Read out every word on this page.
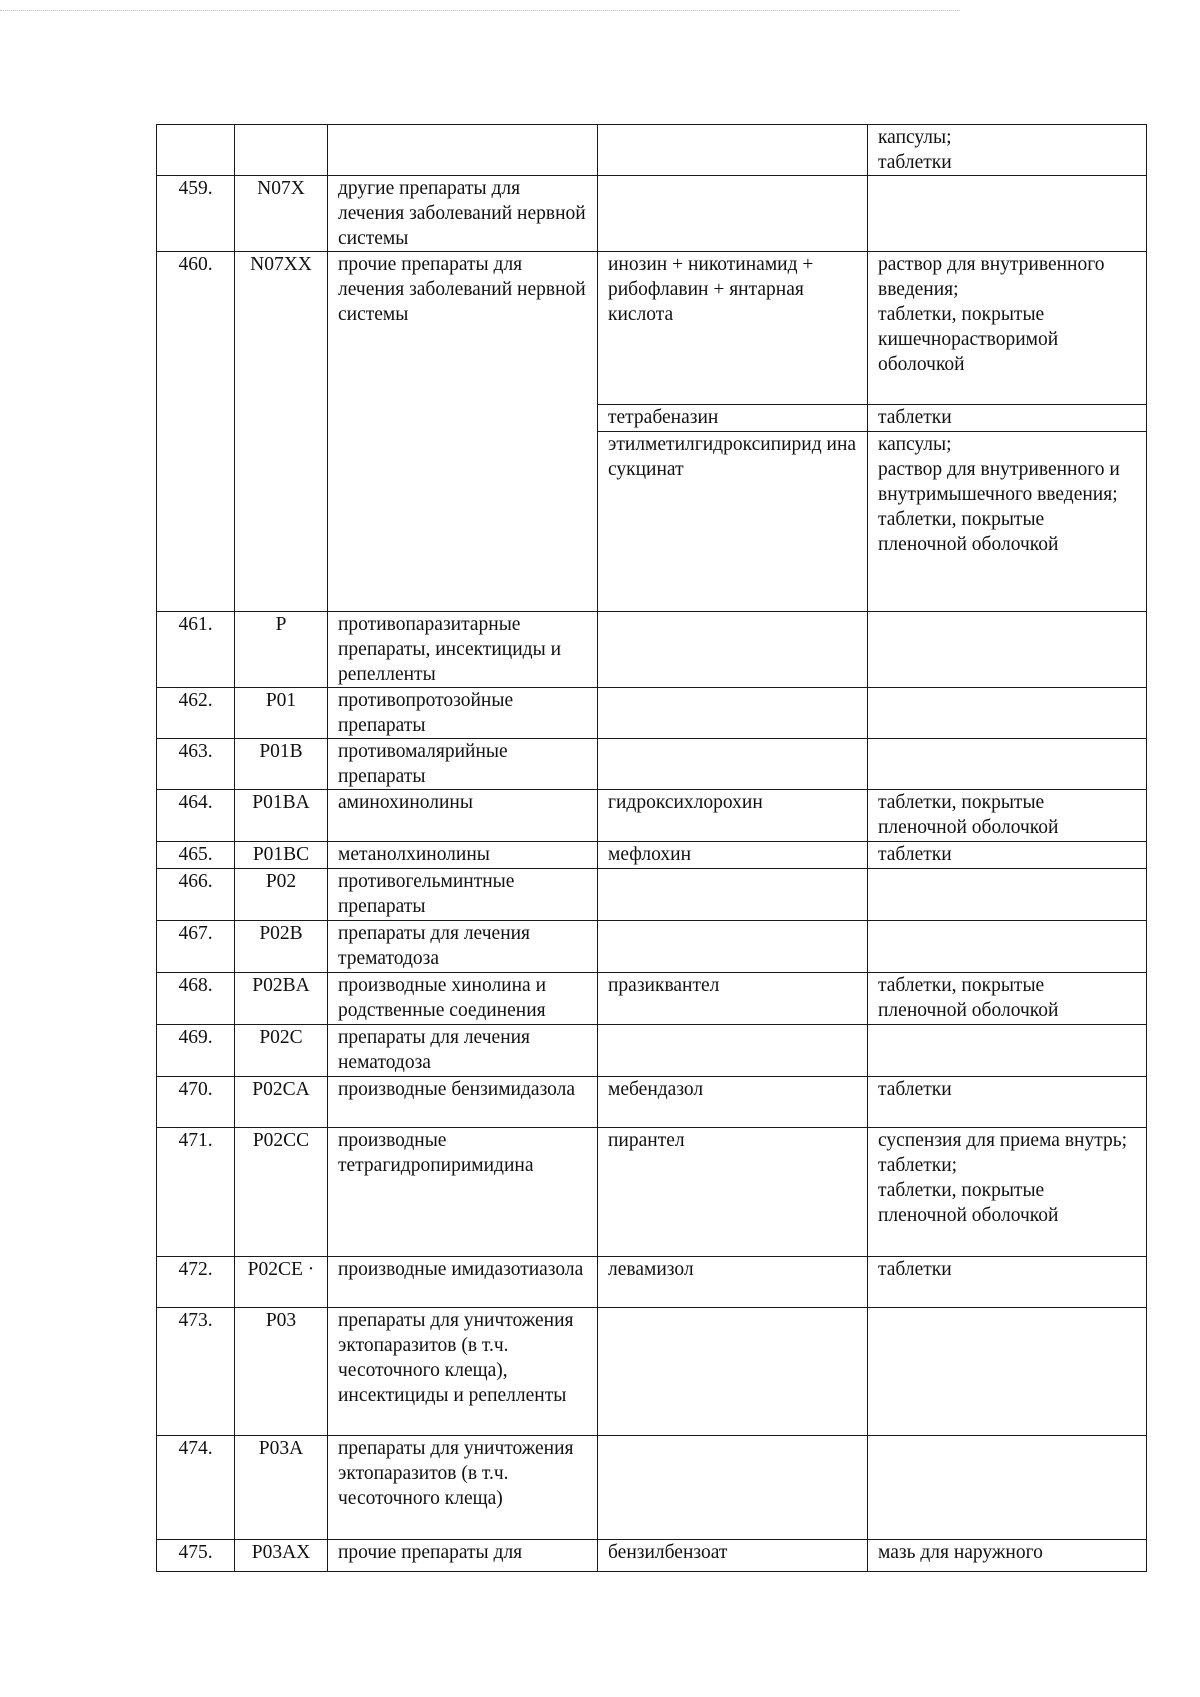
				капсулы;
таблетки
459.	N07X	другие препараты для лечения заболеваний нервной системы		
460.	N07XX	прочие препараты для лечения заболеваний нервной системы	инозин + никотинамид + рибофлавин + янтарная кислота	раствор для внутривенного введения;
таблетки, покрытые кишечнорастворимой оболочкой
			тетрабеназин	таблетки
			этилметилгидроксипирид ина сукцинат	капсулы;
раствор для внутривенного и внутримышечного введения;
таблетки, покрытые пленочной оболочкой
461.	P	противопаразитарные препараты, инсектициды и репелленты		
462.	P01	противопротозойные препараты		
463.	P01B	противомалярийные препараты		
464.	P01BA	аминохинолины	гидроксихлорохин	таблетки, покрытые пленочной оболочкой
465.	P01BC	метанолхинолины	мефлохин	таблетки
466.	P02	противогельминтные препараты		
467.	P02B	препараты для лечения трематодоза		
468.	P02BA	производные хинолина и родственные соединения	празиквантел	таблетки, покрытые пленочной оболочкой
469.	P02C	препараты для лечения нематодоза		
470.	P02CA	производные бензимидазола	мебендазол	таблетки
471.	P02CC	производные тетрагидропиримидина	пирантел	суспензия для приема внутрь;
таблетки;
таблетки, покрытые пленочной оболочкой
472.	P02CE ·	производные имидазотиазола	левамизол	таблетки
473.	P03	препараты для уничтожения эктопаразитов (в т.ч. чесоточного клеща), инсектициды и репелленты		
474.	P03A	препараты для уничтожения эктопаразитов (в т.ч. чесоточного клеща)		
475.	P03AX	прочие препараты для	бензилбензоат	мазь для наружного
